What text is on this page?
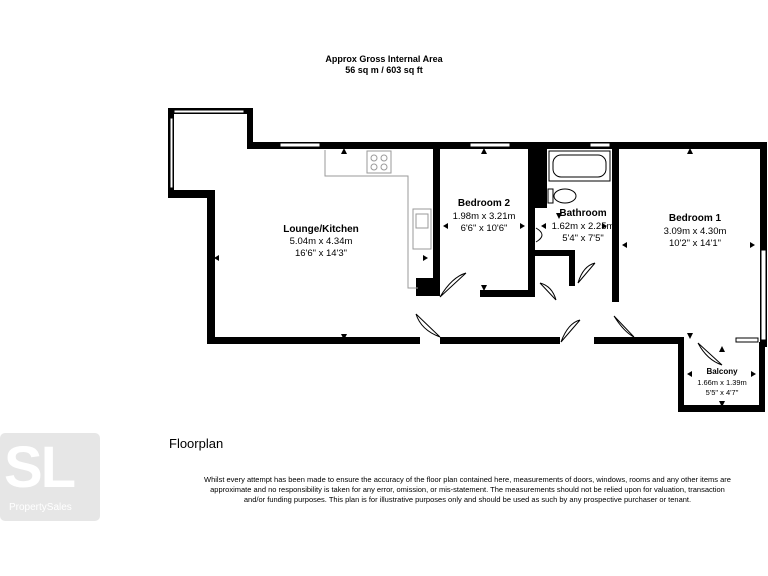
Approx Gross Internal Area
56 sq m / 603 sq ft
Lounge/Kitchen
5.04m x 4.34m
16'6" x 14'3"
Bedroom 2
1.98m x 3.21m
6'6" x 10'6"
Bathroom
1.62m x 2.25m
5'4" x 7'5"
Bedroom 1
3.09m x 4.30m
10'2" x 14'1"
Balcony
1.66m x 1.39m
5'5" x 4'7"
SL
PropertySales
Floorplan
Whilst every attempt has been made to ensure the accuracy of the floor plan contained here, measurements of doors, windows, rooms and any other items are approximate and no responsibility is taken for any error, omission, or mis-statement. The measurements should not be relied upon for valuation, transaction and/or funding purposes. This plan is for illustrative purposes only and should be used as such by any prospective purchaser or tenant.
